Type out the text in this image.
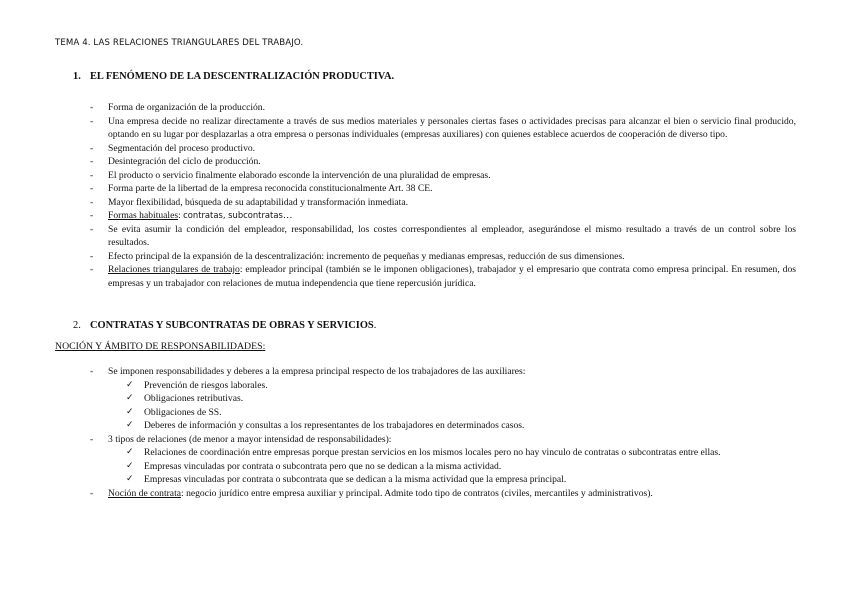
TEMA 4. LAS RELACIONES TRIANGULARES DEL TRABAJO.
1. EL FENÓMENO DE LA DESCENTRALIZACIÓN PRODUCTIVA.
- Forma de organización de la producción.
- Una empresa decide no realizar directamente a través de sus medios materiales y personales ciertas fases o actividades precisas para alcanzar el bien o servicio final producido, optando en su lugar por desplazarlas a otra empresa o personas individuales (empresas auxiliares) con quienes establece acuerdos de cooperación de diverso tipo.
- Segmentación del proceso productivo.
- Desintegración del ciclo de producción.
- El producto o servicio finalmente elaborado esconde la intervención de una pluralidad de empresas.
- Forma parte de la libertad de la empresa reconocida constitucionalmente Art. 38 CE.
- Mayor flexibilidad, búsqueda de su adaptabilidad y transformación inmediata.
- Formas habituales: contratas, subcontratas…
- Se evita asumir la condición del empleador, responsabilidad, los costes correspondientes al empleador, asegurándose el mismo resultado a través de un control sobre los resultados.
- Efecto principal de la expansión de la descentralización: incremento de pequeñas y medianas empresas, reducción de sus dimensiones.
- Relaciones triangulares de trabajo: empleador principal (también se le imponen obligaciones), trabajador y el empresario que contrata como empresa principal. En resumen, dos empresas y un trabajador con relaciones de mutua independencia que tiene repercusión jurídica.
2. CONTRATAS Y SUBCONTRATAS DE OBRAS Y SERVICIOS.
NOCIÓN Y ÁMBITO DE RESPONSABILIDADES:
- Se imponen responsabilidades y deberes a la empresa principal respecto de los trabajadores de las auxiliares:
✓ Prevención de riesgos laborales.
✓ Obligaciones retributivas.
✓ Obligaciones de SS.
✓ Deberes de información y consultas a los representantes de los trabajadores en determinados casos.
- 3 tipos de relaciones (de menor a mayor intensidad de responsabilidades):
✓ Relaciones de coordinación entre empresas porque prestan servicios en los mismos locales pero no hay vinculo de contratas o subcontratas entre ellas.
✓ Empresas vinculadas por contrata o subcontrata pero que no se dedican a la misma actividad.
✓ Empresas vinculadas por contrata o subcontrata que se dedican a la misma actividad que la empresa principal.
- Noción de contrata: negocio jurídico entre empresa auxiliar y principal. Admite todo tipo de contratos (civiles, mercantiles y administrativos).
